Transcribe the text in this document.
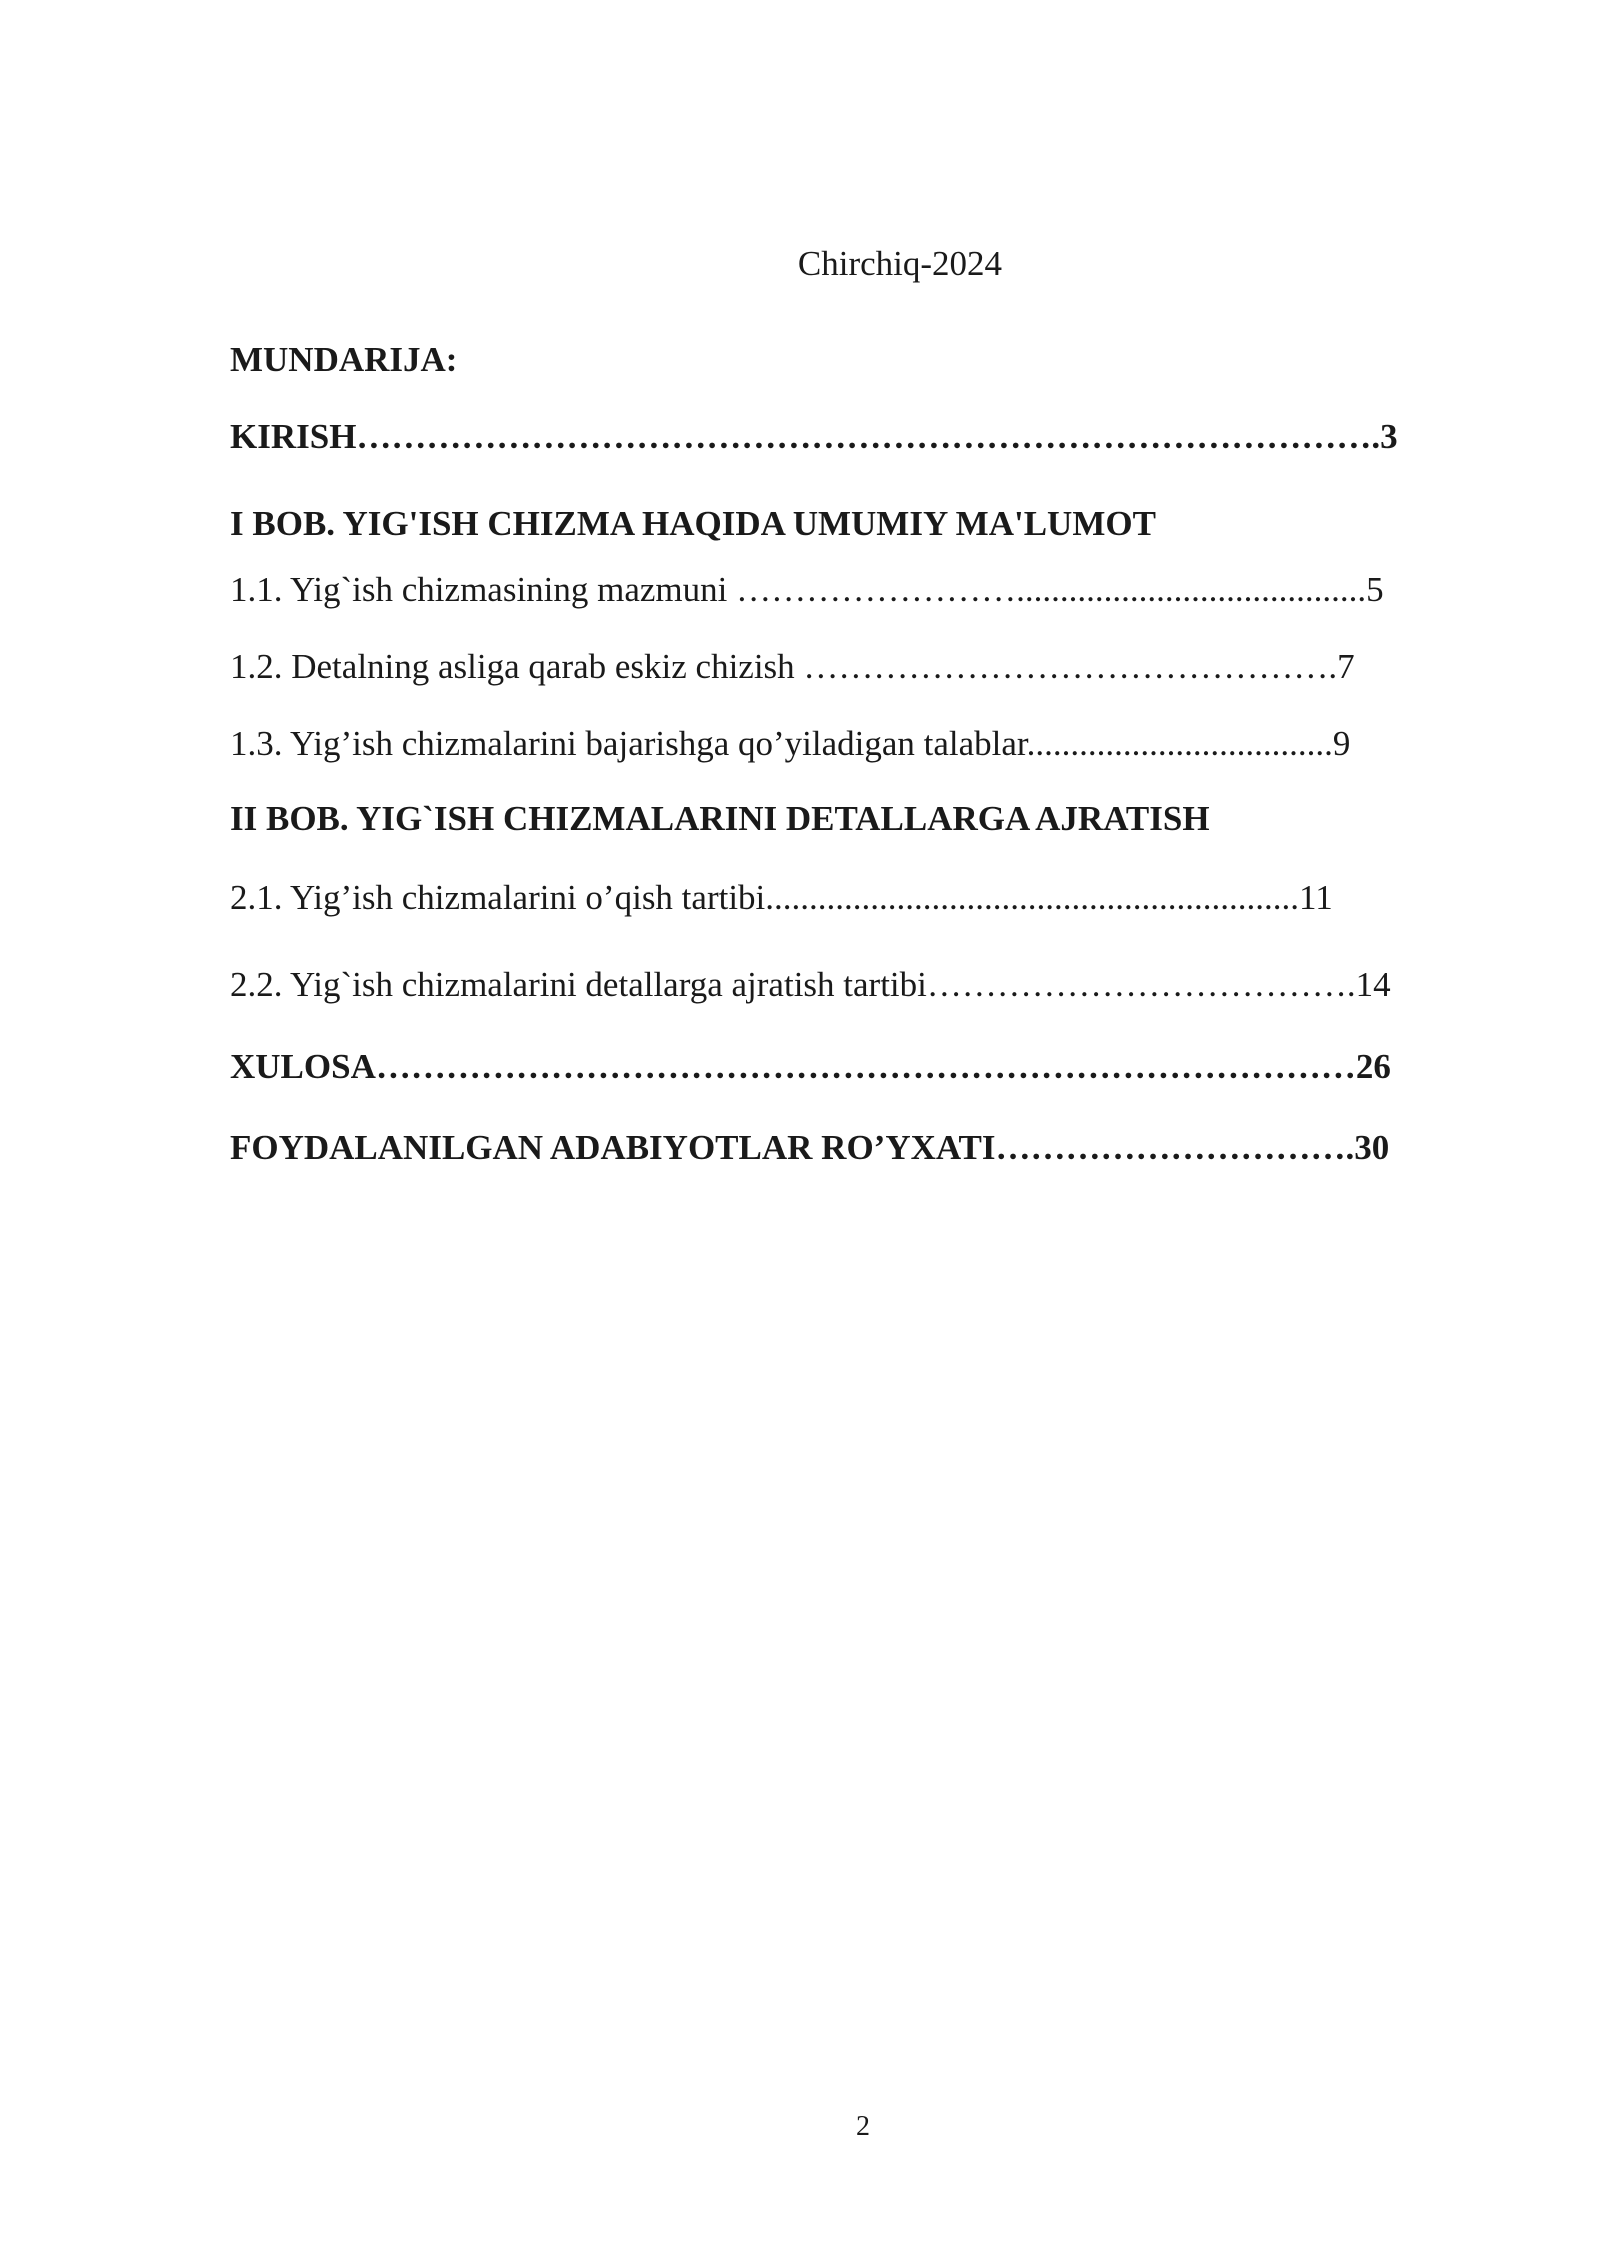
Chirchiq-2024
MUNDARIJA:
KIRISH…………………………………………………………………………….3
I BOB. YIG'ISH CHIZMA HAQIDA UMUMIY MA'LUMOT
1.1. Yig`ish chizmasining mazmuni ……………………........................................5
1.2. Detalning asliga qarab eskiz chizish ……………………………………….7
1.3. Yig’ish chizmalarini bajarishga qo’yiladigan talablar...................................9
II BOB. YIG`ISH CHIZMALARINI DETALLARGA AJRATISH
2.1. Yig’ish chizmalarini o’qish tartibi.............................................................11
2.2. Yig`ish chizmalarini detallarga ajratish tartibi……………………………….14
XULOSA…………………………………………………………………………26
FOYDALANILGAN ADABIYOTLAR RO’YXATI………………………….30
2
